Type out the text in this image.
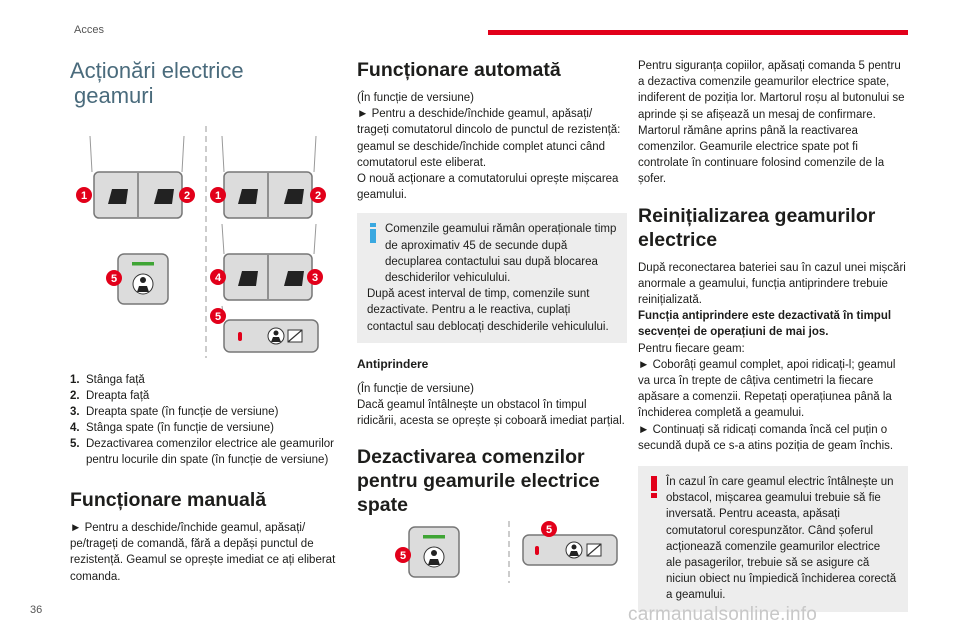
Acces
Acționări electrice
geamuri
1	2 1	2
4	3
5
5
1. Stânga față
2. Dreapta față
3. Dreapta spate (în funcție de versiune)
4. Stânga spate (în funcție de versiune)
5. Dezactivarea comenzilor electrice ale geamurilor pentru locurile din spate (în funcție de versiune)
Funcționare manuală

► Pentru a deschide/închide geamul, apăsați/ pe/trageți de comandă, fără a depăși punctul de rezistență. Geamul se oprește imediat ce ați eliberat comanda.

Funcționare automată

(În funcție de versiune)

► Pentru a deschide/închide geamul, apăsați/ trageți comutatorul dincolo de punctul de rezistență: geamul se deschide/închide complet atunci când comutatorul este eliberat.

O nouă acționare a comutatorului oprește mișcarea geamului.

Comenzile geamului rămân operaționale timp de aproximativ 45 de secunde după decuplarea contactului sau după blocarea deschiderilor vehiculului.

După acest interval de timp, comenzile sunt dezactivate. Pentru a le reactiva, cuplați contactul sau deblocați deschiderile vehiculului.

Antiprindere

(În funcție de versiune)

Dacă geamul întâlnește un obstacol în timpul ridicării, acesta se oprește și coboară imediat parțial.

Dezactivarea comenzilor pentru geamurile electrice spate
5
5

Pentru siguranța copiilor, apăsați comanda 5 pentru a dezactiva comenzile geamurilor electrice spate, indiferent de poziția lor. Martorul roșu al butonului se aprinde și se afișează un mesaj de confirmare. Martorul rămâne aprins până la reactivarea comenzilor. Geamurile electrice spate pot fi controlate în continuare folosind comenzile de la șofer.

Reinițializarea geamurilor electrice

După reconectarea bateriei sau în cazul unei mișcări anormale a geamului, funcția antiprindere trebuie reinițializată.

Funcția antiprindere este dezactivată în timpul secvenței de operațiuni de mai jos.

Pentru fiecare geam:

► Coborâți geamul complet, apoi ridicați-l; geamul va urca în trepte de câțiva centimetri la fiecare apăsare a comenzii. Repetați operațiunea până la închiderea completă a geamului.

► Continuați să ridicați comanda încă cel puțin o secundă după ce s-a atins poziția de geam închis.

În cazul în care geamul electric întâlnește un obstacol, mișcarea geamului trebuie să fie inversată. Pentru aceasta, apăsați comutatorul corespunzător. Când șoferul acționează comenzile geamurilor electrice ale pasagerilor, trebuie să se asigure că niciun obiect nu împiedică închiderea corectă a geamului.

36	carmanualsonline.info
